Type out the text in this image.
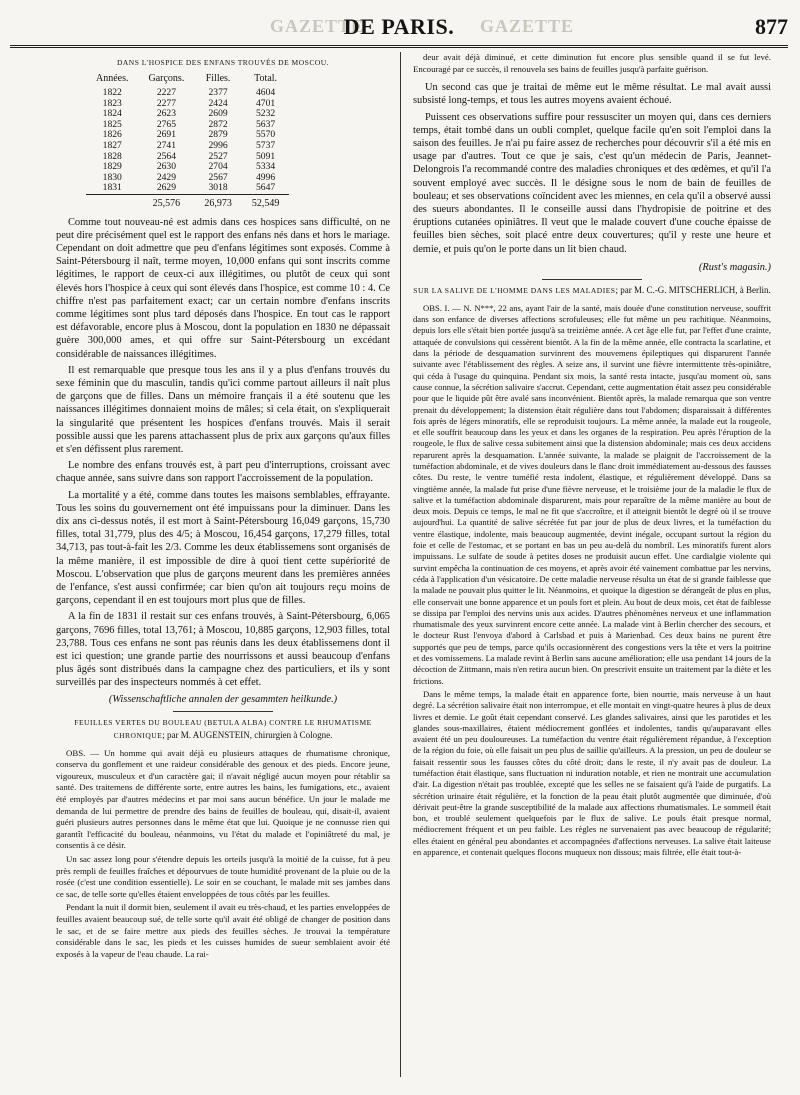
GAZETTE	GAZETTE
DE PARIS.	877
DANS L'HOSPICE DES ENFANS TROUVÉS DE MOSCOU.
Années.	Garçons.	Filles.	Total.
1822	2227	2377	4604
1823	2277	2424	4701
1824	2623	2609	5232
1825	2765	2872	5637
1826	2691	2879	5570
1827	2741	2996	5737
1828	2564	2527	5091
1829	2630	2704	5334
1830	2429	2567	4996
1831	2629	3018	5647
	25,576	26,973	52,549

Comme tout nouveau-né est admis dans ces hospices sans difficulté, on ne peut dire précisément quel est le rapport des enfans nés dans et hors le mariage. Cependant on doit admettre que peu d'enfans légitimes sont exposés. Comme à Saint-Pétersbourg il naît, terme moyen, 10,000 enfans qui sont inscrits comme légitimes, le rapport de ceux-ci aux illégitimes, ou plutôt de ceux qui sont élevés hors l'hospice à ceux qui sont élevés dans l'hospice, est comme 10 : 4. Ce chiffre n'est pas parfaitement exact; car un certain nombre d'enfans inscrits comme légitimes sont plus tard déposés dans l'hospice. En tout cas le rapport est défavorable, encore plus à Moscou, dont la population en 1830 ne dépassait guère 300,000 ames, et qui offre sur Saint-Pétersbourg un excédant considérable de naissances illégitimes.

Il est remarquable que presque tous les ans il y a plus d'enfans trouvés du sexe féminin que du masculin, tandis qu'ici comme partout ailleurs il naît plus de garçons que de filles. Dans un mémoire français il a été soutenu que les naissances illégitimes donnaient moins de mâles; si cela était, on s'expliquerait la singularité que présentent les hospices d'enfans trouvés. Mais il serait possible aussi que les parens attachassent plus de prix aux garçons qu'aux filles et s'en défissent plus rarement.

Le nombre des enfans trouvés est, à part peu d'interruptions, croissant avec chaque année, sans suivre dans son rapport l'accroissement de la population.

La mortalité y a été, comme dans toutes les maisons semblables, effrayante. Tous les soins du gouvernement ont été impuissans pour la diminuer. Dans les dix ans ci-dessus notés, il est mort à Saint-Pétersbourg 16,049 garçons, 15,730 filles, total 31,779, plus des 4/5; à Moscou, 16,454 garçons, 17,279 filles, total 34,713, pas tout-à-fait les 2/3. Comme les deux établissemens sont organisés de la même manière, il est impossible de dire à quoi tient cette supériorité de Moscou. L'observation que plus de garçons meurent dans les premières années de l'enfance, s'est aussi confirmée; car bien qu'on ait toujours reçu moins de garçons, cependant il en est toujours mort plus que de filles.

A la fin de 1831 il restait sur ces enfans trouvés, à Saint-Pétersbourg, 6,065 garçons, 7696 filles, total 13,761; à Moscou, 10,885 garçons, 12,903 filles, total 23,788. Tous ces enfans ne sont pas réunis dans les deux établissemens dont il est ici question; une grande partie des nourrissons et aussi beaucoup d'enfans plus âgés sont distribués dans la campagne chez des particuliers, et ils y sont surveillés par des inspecteurs nommés à cet effet.

(Wissenschaftliche annalen der gesammten heilkunde.)

FEUILLES VERTES DU BOULEAU (BETULA ALBA) CONTRE LE RHUMATISME CHRONIQUE; par M. AUGENSTEIN, chirurgien à Cologne.

OBS. — Un homme qui avait déjà eu plusieurs attaques de rhumatisme chronique, conserva du gonflement et une raideur considérable des genoux et des pieds. Encore jeune, vigoureux, musculeux et d'un caractère gai; il n'avait négligé aucun moyen pour rétablir sa santé. Des traitemens de différente sorte, entre autres les bains, les fumigations, etc., avaient été employés par d'autres médecins et par moi sans aucun bénéfice. Un jour le malade me demanda de lui permettre de prendre des bains de feuilles de bouleau, qui, disait-il, avaient guéri plusieurs autres personnes dans le même état que lui. Quoique je ne connusse rien qui garantît l'efficacité du bouleau, néanmoins, vu l'état du malade et l'opiniâtreté du mal, je consentis à ce désir.

Un sac assez long pour s'étendre depuis les orteils jusqu'à la moitié de la cuisse, fut à peu près rempli de feuilles fraîches et dépourvues de toute humidité provenant de la pluie ou de la rosée (c'est une condition essentielle). Le soir en se couchant, le malade mit ses jambes dans ce sac, de telle sorte qu'elles étaient enveloppées de tous côtés par les feuilles.

Pendant la nuit il dormit bien, seulement il avait eu très-chaud, et les parties enveloppées de feuilles avaient beaucoup sué, de telle sorte qu'il avait été obligé de changer de position dans le sac, et de se faire mettre aux pieds des feuilles sèches. Je trouvai la température considérable dans le sac, les pieds et les cuisses humides de sueur semblaient avoir été exposés à la vapeur de l'eau chaude. La rai-

deur avait déjà diminué, et cette diminution fut encore plus sensible quand il se fut levé. Encouragé par ce succès, il renouvela ses bains de feuilles jusqu'à parfaite guérison.

Un second cas que je traitai de même eut le même résultat. Le mal avait aussi subsisté long-temps, et tous les autres moyens avaient échoué.

Puissent ces observations suffire pour ressusciter un moyen qui, dans ces derniers temps, était tombé dans un oubli complet, quelque facile qu'en soit l'emploi dans la saison des feuilles. Je n'ai pu faire assez de recherches pour découvrir s'il a été mis en usage par d'autres. Tout ce que je sais, c'est qu'un médecin de Paris, Jeannet-Delongrois l'a recommandé contre des maladies chroniques et des œdèmes, et qu'il l'a souvent employé avec succès. Il le désigne sous le nom de bain de feuilles de bouleau; et ses observations coïncident avec les miennes, en cela qu'il a observé aussi des sueurs abondantes. Il le conseille aussi dans l'hydropisie de poitrine et des éruptions cutanées opiniâtres. Il veut que le malade couvert d'une couche épaisse de feuilles bien sèches, soit placé entre deux couvertures; qu'il y reste une heure et demie, et puis qu'on le porte dans un lit bien chaud.

(Rust's magasin.)

SUR LA SALIVE DE L'HOMME DANS LES MALADIES; par M. C.-G. MITSCHERLICH, à Berlin.

OBS. I. — N. N***, 22 ans, ayant l'air de la santé, mais douée d'une constitution nerveuse, souffrit dans son enfance de diverses affections scrofuleuses; elle fut même un peu rachitique. Néanmoins, depuis lors elle s'était bien portée jusqu'à sa treizième année. A cet âge elle fut, par l'effet d'une crainte, attaquée de convulsions qui cessèrent bientôt. A la fin de la même année, elle contracta la scarlatine, et dans la période de desquamation survinrent des mouvemens épileptiques qui disparurent l'année suivante avec l'établissement des règles. A seize ans, il survint une fièvre intermittente très-opiniâtre, qui céda à l'usage du quinquina. Pendant six mois, la santé resta intacte, jusqu'au moment où, sans cause connue, la sécrétion salivaire s'accrut. Cependant, cette augmentation était assez peu considérable pour que le liquide pût être avalé sans inconvénient. Bientôt après, la malade remarqua que son ventre prenait du développement; la distension était régulière dans tout l'abdomen; disparaissait à différentes fois après de légers minoratifs, elle se reproduisit toujours. La même année, la malade eut la rougeole, et elle souffrit beaucoup dans les yeux et dans les organes de la respiration. Peu après l'éruption de la rougeole, le flux de salive cessa subitement ainsi que la distension abdominale; mais ces deux accidens reparurent après la desquamation. L'année suivante, la malade se plaignit de l'accroissement de la tuméfaction abdominale, et de vives douleurs dans le flanc droit immédiatement au-dessous des fausses côtes. Du reste, le ventre tuméfié resta indolent, élastique, et régulièrement développé. Dans sa vingtième année, la malade fut prise d'une fièvre nerveuse, et le troisième jour de la maladie le flux de salive et la tuméfaction abdominale disparurent, mais pour reparaître de la même manière au bout de deux mois. Depuis ce temps, le mal ne fit que s'accroître, et il atteignit bientôt le degré où il se trouve aujourd'hui. La quantité de salive sécrétée fut par jour de plus de deux livres, et la tuméfaction du ventre élastique, indolente, mais beaucoup augmentée, devint inégale, occupant surtout la région du foie et celle de l'estomac, et se portant en bas un peu au-delà du nombril. Les minoratifs furent alors impuissans. Le sulfate de soude à petites doses ne produisit aucun effet. Une cardialgie violente qui survint empêcha la continuation de ces moyens, et après avoir été vainement combattue par les nervins, céda à l'application d'un vésicatoire. De cette maladie nerveuse résulta un état de si grande faiblesse que la malade ne pouvait plus quitter le lit. Néanmoins, et quoique la digestion se dérangeât de plus en plus, elle conservait une bonne apparence et un pouls fort et plein. Au bout de deux mois, cet état de faiblesse se dissipa par l'emploi des nervins unis aux acides. D'autres phénomènes nerveux et une inflammation rhumatismale des yeux survinrent encore cette année. La malade vint à Berlin chercher des secours, et le docteur Rust l'envoya d'abord à Carlsbad et puis à Marienbad. Ces deux bains ne purent être supportés que peu de temps, parce qu'ils occasionnèrent des congestions vers la tête et vers la poitrine et des vomissemens. La malade revint à Berlin sans aucune amélioration; elle usa pendant 14 jours de la décoction de Zittmann, mais n'en retira aucun bien. On prescrivit ensuite un traitement par la diète et les frictions.

Dans le même temps, la malade était en apparence forte, bien nourrie, mais nerveuse à un haut degré. La sécrétion salivaire était non interrompue, et elle montait en vingt-quatre heures à plus de deux livres et demie. Le goût était cependant conservé. Les glandes salivaires, ainsi que les parotides et les glandes sous-maxillaires, étaient médiocrement gonflées et indolentes, tandis qu'auparavant elles avaient été un peu douloureuses. La tuméfaction du ventre était régulièrement répandue, à l'exception de la région du foie, où elle faisait un peu plus de saillie qu'ailleurs. A la pression, un peu de douleur se faisait ressentir sous les fausses côtes du côté droit; dans le reste, il n'y avait pas de douleur. La tuméfaction était élastique, sans fluctuation ni induration notable, et rien ne montrait une accumulation d'air. La digestion n'était pas troublée, excepté que les selles ne se faisaient qu'à l'aide de purgatifs. La sécrétion urinaire était régulière, et la fonction de la peau était plutôt augmentée que diminuée, d'où dérivait peut-être la grande susceptibilité de la malade aux affections rhumatismales. Le sommeil était bon, et troublé seulement quelquefois par le flux de salive. Le pouls était presque normal, médiocrement fréquent et un peu faible. Les règles ne survenaient pas avec beaucoup de régularité; elles étaient en général peu abondantes et accompagnées d'affections nerveuses. La salive était laiteuse en apparence, et contenait quelques flocons muqueux non dissous; mais filtrée, elle était tout-à-
